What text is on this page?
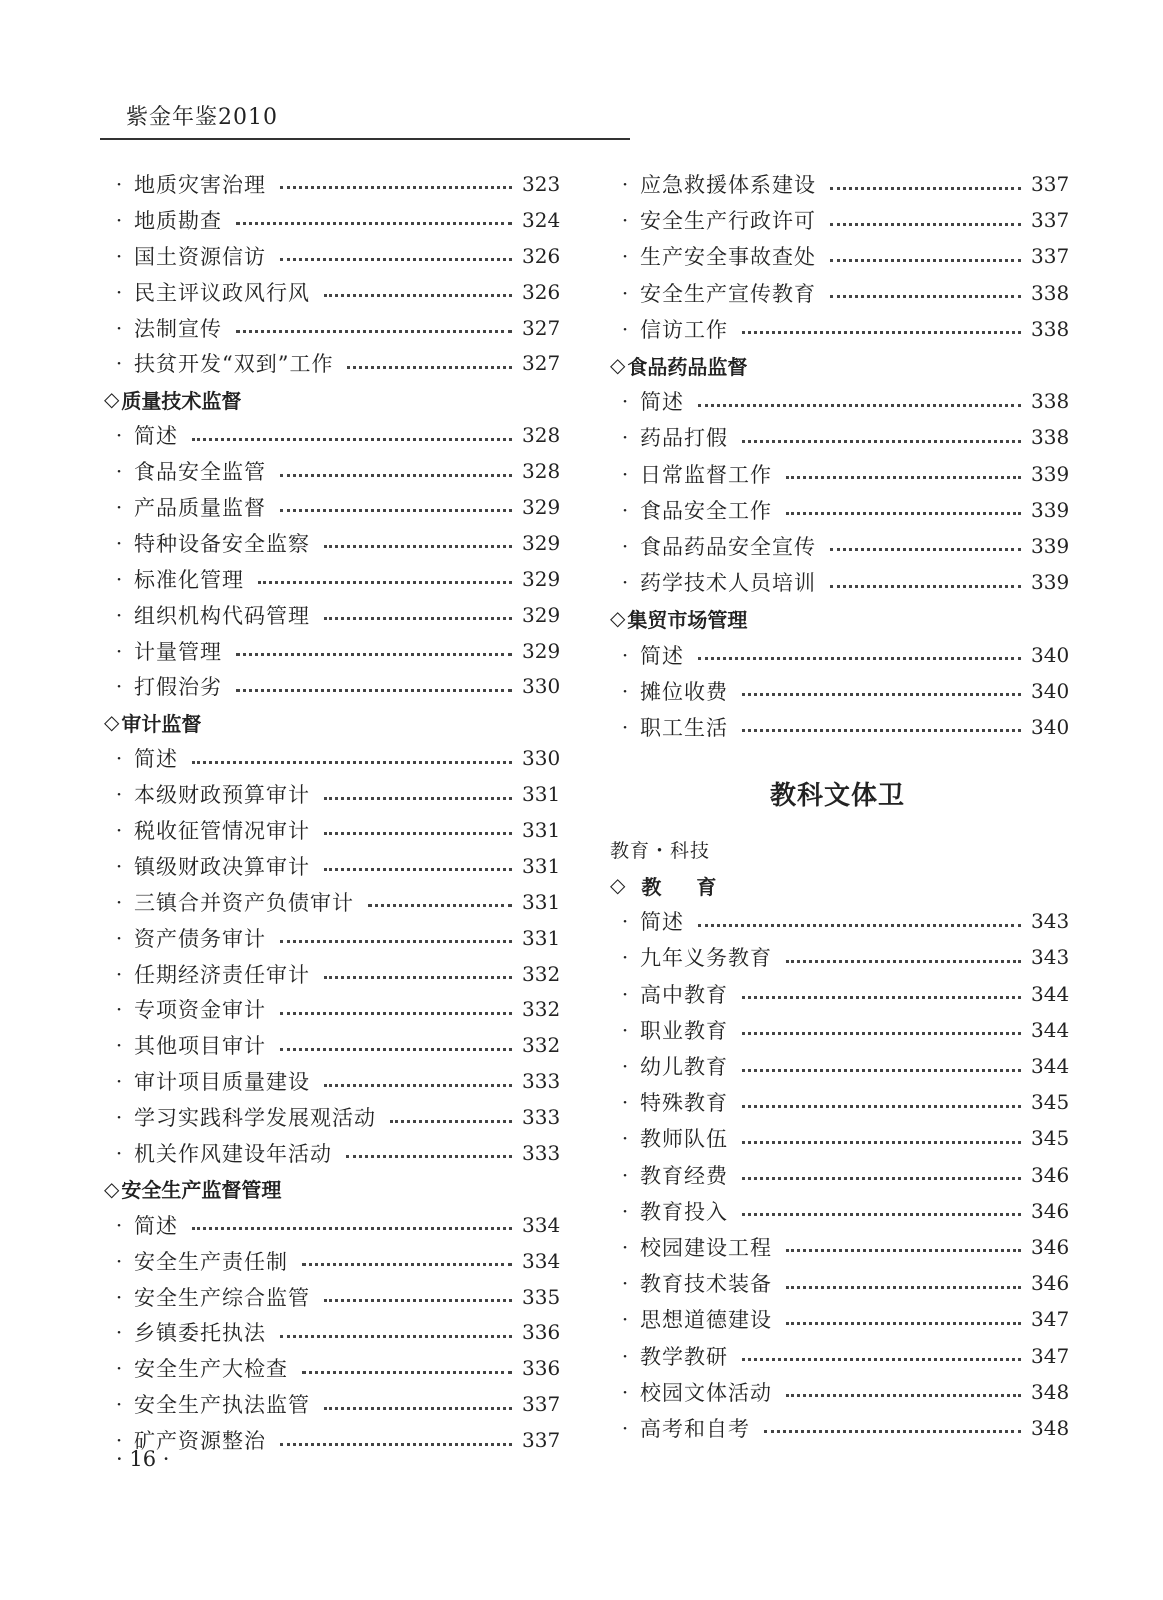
紫金年鉴2010
· 地质灾害治理	323
· 地质勘查	324
· 国土资源信访	326
· 民主评议政风行风	326
· 法制宣传	327
· 扶贫开发“双到”工作	327
◇ 质量技术监督
· 简述	328
· 食品安全监管	328
· 产品质量监督	329
· 特种设备安全监察	329
· 标准化管理	329
· 组织机构代码管理	329
· 计量管理	329
· 打假治劣	330
◇ 审计监督
· 简述	330
· 本级财政预算审计	331
· 税收征管情况审计	331
· 镇级财政决算审计	331
· 三镇合并资产负债审计	331
· 资产债务审计	331
· 任期经济责任审计	332
· 专项资金审计	332
· 其他项目审计	332
· 审计项目质量建设	333
· 学习实践科学发展观活动	333
· 机关作风建设年活动	333
◇ 安全生产监督管理
· 简述	334
· 安全生产责任制	334
· 安全生产综合监管	335
· 乡镇委托执法	336
· 安全生产大检查	336
· 安全生产执法监管	337
· 矿产资源整治	337
· 应急救援体系建设	337
· 安全生产行政许可	337
· 生产安全事故查处	337
· 安全生产宣传教育	338
· 信访工作	338
◇ 食品药品监督
· 简述	338
· 药品打假	338
· 日常监督工作	339
· 食品安全工作	339
· 食品药品安全宣传	339
· 药学技术人员培训	339
◇ 集贸市场管理
· 简述	340
· 摊位收费	340
· 职工生活	340
教科文体卫
教育・科技
◇ 教 育
· 简述	343
· 九年义务教育	343
· 高中教育	344
· 职业教育	344
· 幼儿教育	344
· 特殊教育	345
· 教师队伍	345
· 教育经费	346
· 教育投入	346
· 校园建设工程	346
· 教育技术装备	346
· 思想道德建设	347
· 教学教研	347
· 校园文体活动	348
· 高考和自考	348
· 16 ·
